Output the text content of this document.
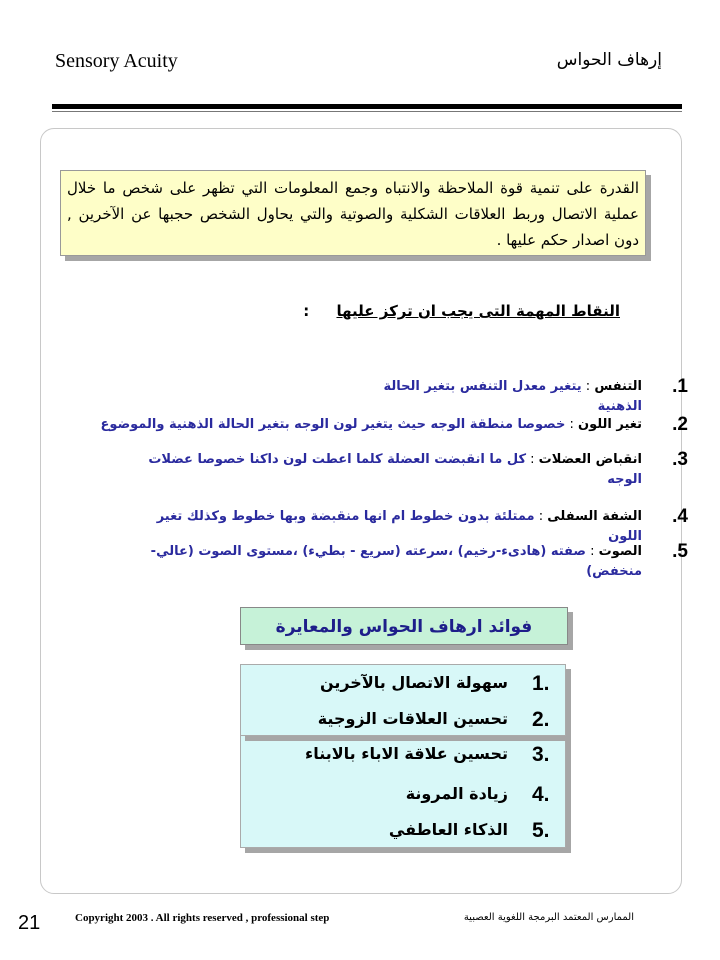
Sensory Acuity	إرهاف الحواس
القدرة على تنمية قوة الملاحظة والانتباه وجمع المعلومات التي تظهر على شخص ما خلال عملية الاتصال وربط العلاقات الشكلية والصوتية والتي يحاول الشخص حجبها عن الآخرين , دون اصدار حكم عليها .
النقاط المهمة التى يجب ان تركز عليها :
1.
التنفس : يتغير معدل التنفس بتغير الحالة الذهنية
2.
تغير اللون : خصوصا منطقة الوجه حيث يتغير لون الوجه بتغير الحالة الذهنية والموضوع
3.
انقباض العضلات : كل ما انقبضت العضلة كلما اعطت لون داكنا خصوصا عضلات الوجه
4.
الشفة السفلى : ممتلئة بدون خطوط ام انها منقبضة وبها خطوط وكذلك تغير اللون
5.
الصوت : صفته (هادىء-رخيم) ،سرعته (سريع - بطيء) ،مستوى الصوت (عالي- منخفض)
فوائد ارهاف الحواس والمعايرة
سهولة الاتصال بالآخرين 1.
تحسين العلاقات الزوجية 2.
تحسين علاقة الاباء بالابناء 3.
زيادة المرونة 4.
الذكاء العاطفي 5.
21	Copyright 2003 . All rights reserved , professional step	الممارس المعتمد البرمجة اللغوية العصبية
